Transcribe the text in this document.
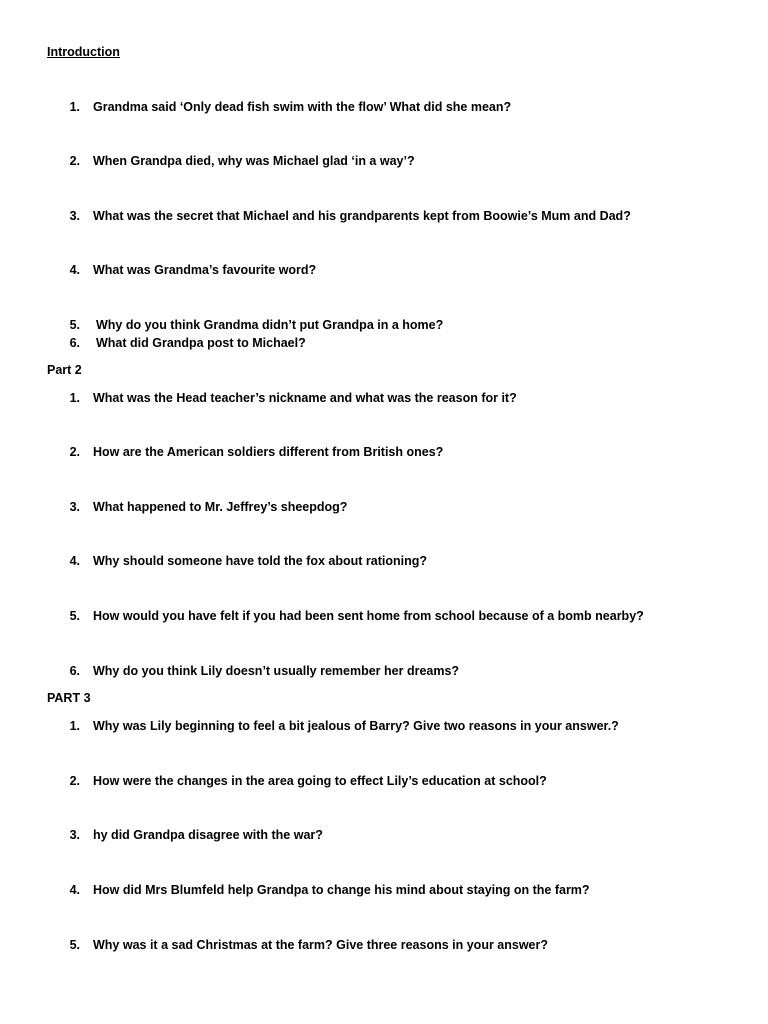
Introduction
1. Grandma said ‘Only dead fish swim with the flow’ What did she mean?
2. When Grandpa died, why was Michael glad ‘in a way’?
3. What was the secret that Michael and his grandparents kept from Boowie’s Mum and Dad?
4. What was Grandma’s favourite word?
5. Why do you think Grandma didn’t put Grandpa in a home?
6. What did Grandpa post to Michael?
Part 2
1. What was the Head teacher’s nickname and what was the reason for it?
2. How are the American soldiers different from British ones?
3. What happened to Mr. Jeffrey’s sheepdog?
4. Why should someone have told the fox about rationing?
5. How would you have felt if you had been sent home from school because of a bomb nearby?
6. Why do you think Lily doesn’t usually remember her dreams?
PART 3
1. Why was Lily beginning to feel a bit jealous of Barry? Give two reasons in your answer.?
2. How were the changes in the area going to effect Lily’s education at school?
3. hy did Grandpa disagree with the war?
4. How did Mrs Blumfeld help Grandpa to change his mind about staying on the farm?
5. Why was it a sad Christmas at the farm? Give three reasons in your answer?
